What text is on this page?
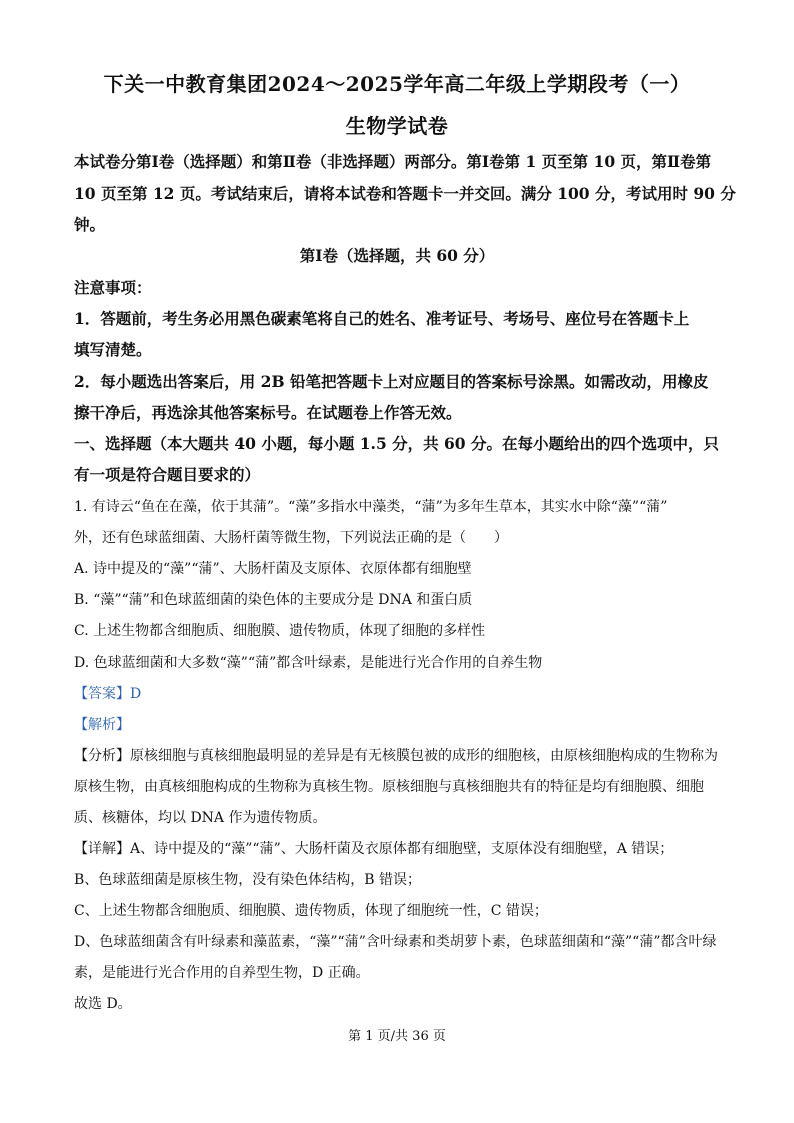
下关一中教育集团2024～2025学年高二年级上学期段考（一）
生物学试卷
本试卷分第Ⅰ卷（选择题）和第Ⅱ卷（非选择题）两部分。第Ⅰ卷第 1 页至第 10 页，第Ⅱ卷第
10 页至第 12 页。考试结束后，请将本试卷和答题卡一并交回。满分 100 分，考试用时 90 分
钟。
第Ⅰ卷（选择题，共 60 分）
注意事项：
1．答题前，考生务必用黑色碳素笔将自己的姓名、准考证号、考场号、座位号在答题卡上
填写清楚。
2．每小题选出答案后，用 2B 铅笔把答题卡上对应题目的答案标号涂黑。如需改动，用橡皮
擦干净后，再选涂其他答案标号。在试题卷上作答无效。
一、选择题（本大题共 40 小题，每小题 1.5 分，共 60 分。在每小题给出的四个选项中，只
有一项是符合题目要求的）
1. 有诗云“鱼在在藻，依于其蒲”。“藻”多指水中藻类，“蒲”为多年生草本，其实水中除“藻”“蒲”
外，还有色球蓝细菌、大肠杆菌等微生物，下列说法正确的是（　　）
A. 诗中提及的“藻”“蒲”、大肠杆菌及支原体、衣原体都有细胞壁
B. “藻”“蒲”和色球蓝细菌的染色体的主要成分是 DNA 和蛋白质
C. 上述生物都含细胞质、细胞膜、遗传物质，体现了细胞的多样性
D. 色球蓝细菌和大多数“藻”“蒲”都含叶绿素，是能进行光合作用的自养生物
【答案】D
【解析】
【分析】原核细胞与真核细胞最明显的差异是有无核膜包被的成形的细胞核，由原核细胞构成的生物称为
原核生物，由真核细胞构成的生物称为真核生物。原核细胞与真核细胞共有的特征是均有细胞膜、细胞
质、核糖体，均以 DNA 作为遗传物质。
【详解】A、诗中提及的“藻”“蒲”、大肠杆菌及衣原体都有细胞壁，支原体没有细胞壁，A 错误；
B、色球蓝细菌是原核生物，没有染色体结构，B 错误；
C、上述生物都含细胞质、细胞膜、遗传物质，体现了细胞统一性，C 错误；
D、色球蓝细菌含有叶绿素和藻蓝素，“藻”“蒲”含叶绿素和类胡萝卜素，色球蓝细菌和“藻”“蒲”都含叶绿
素，是能进行光合作用的自养型生物，D 正确。
故选 D。
第 1 页/共 36 页
